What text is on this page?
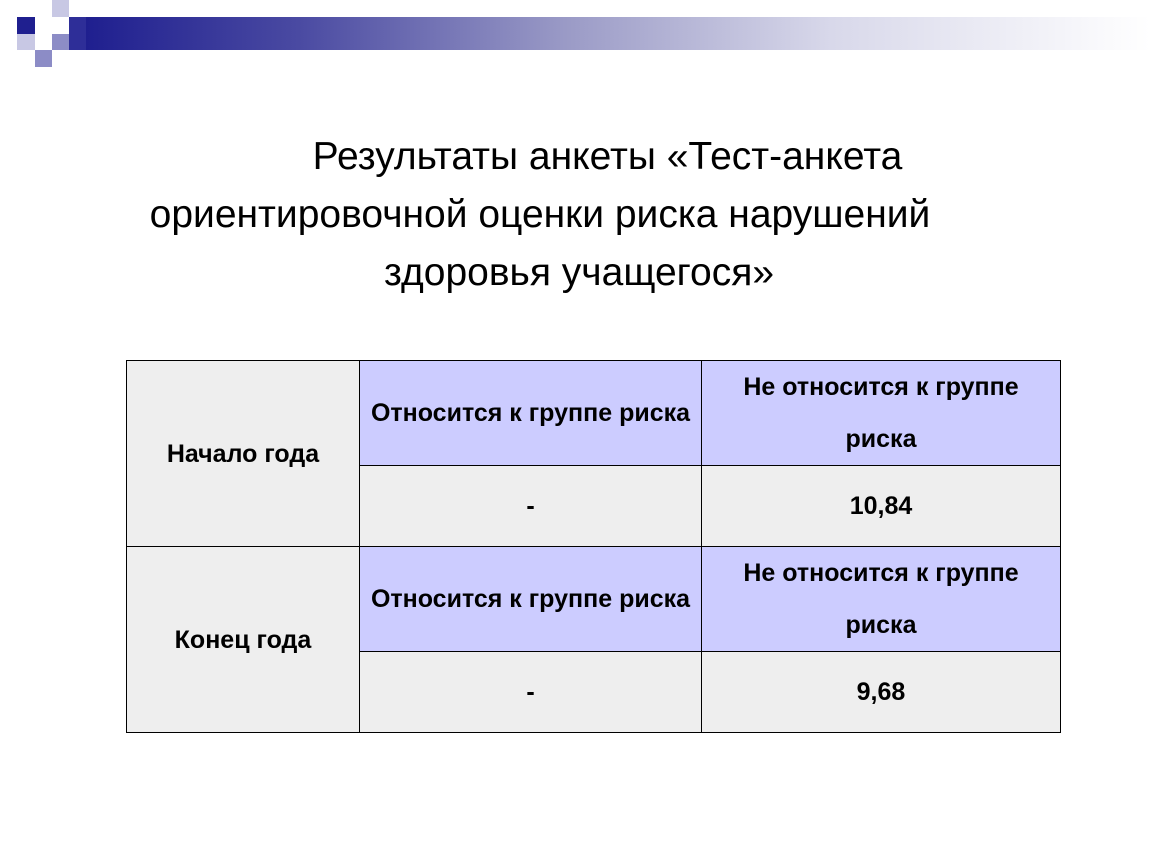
Результаты анкеты «Тест-анкета
ориентировочной оценки риска нарушений
здоровья учащегося»
Начало года	Относится к группе риска	Не относится к группе риска
	-	10,84
Конец года	Относится к группе риска	Не относится к группе риска
	-	9,68
